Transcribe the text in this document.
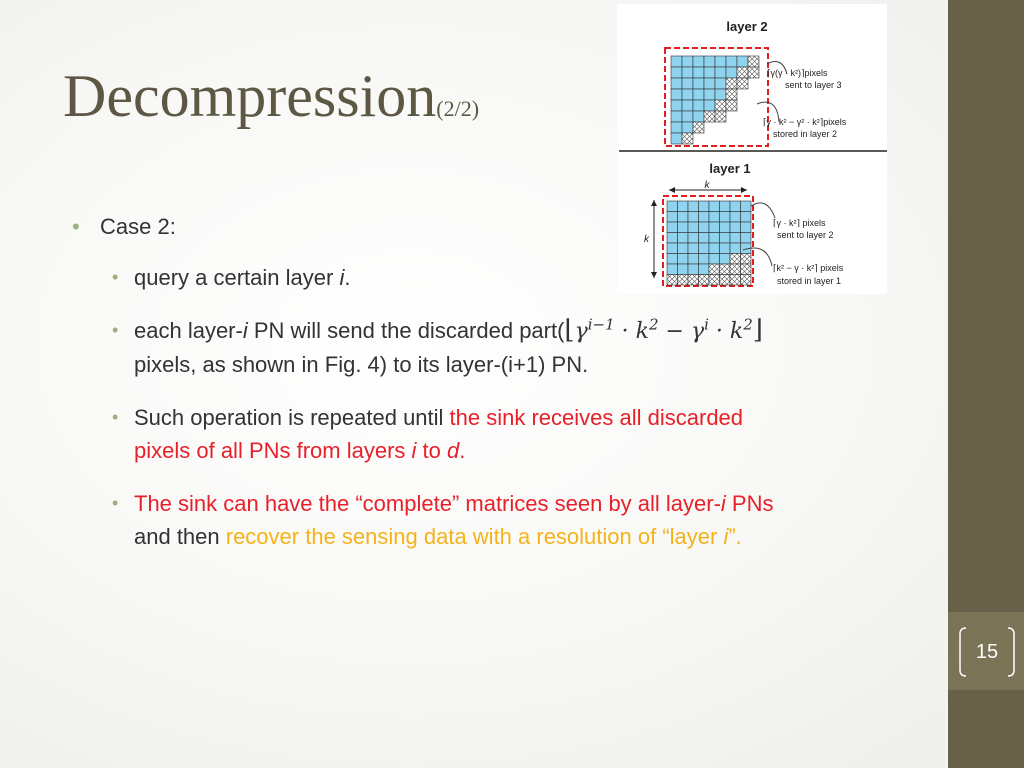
15
Decompression(2/2)
layer 2
⌈γ(γ · k²)⌉pixels
sent to layer 3
⌈γ · k² − γ² · k²⌉pixels
stored in layer 2
layer 1
k
k
⌈γ · k²⌉ pixels
sent to layer 2
⌈k² − γ · k²⌉ pixels
stored in layer 1
• Case 2:
• query a certain layer i.
• each layer-i PN will send the discarded $part(⌊\gamma^{i-1} \cdot k^2 - \gamma^i$ · $k^2⌋$
pixels, as shown in Fig. 4) to its layer-(i+1) PN.
• Such operation is repeated until the sink receives all discarded
pixels of all PNs from layers i to d.
• The sink can have the “complete” matrices seen by all layer-i PNs
and then recover the sensing data with a resolution of “layer i”.
